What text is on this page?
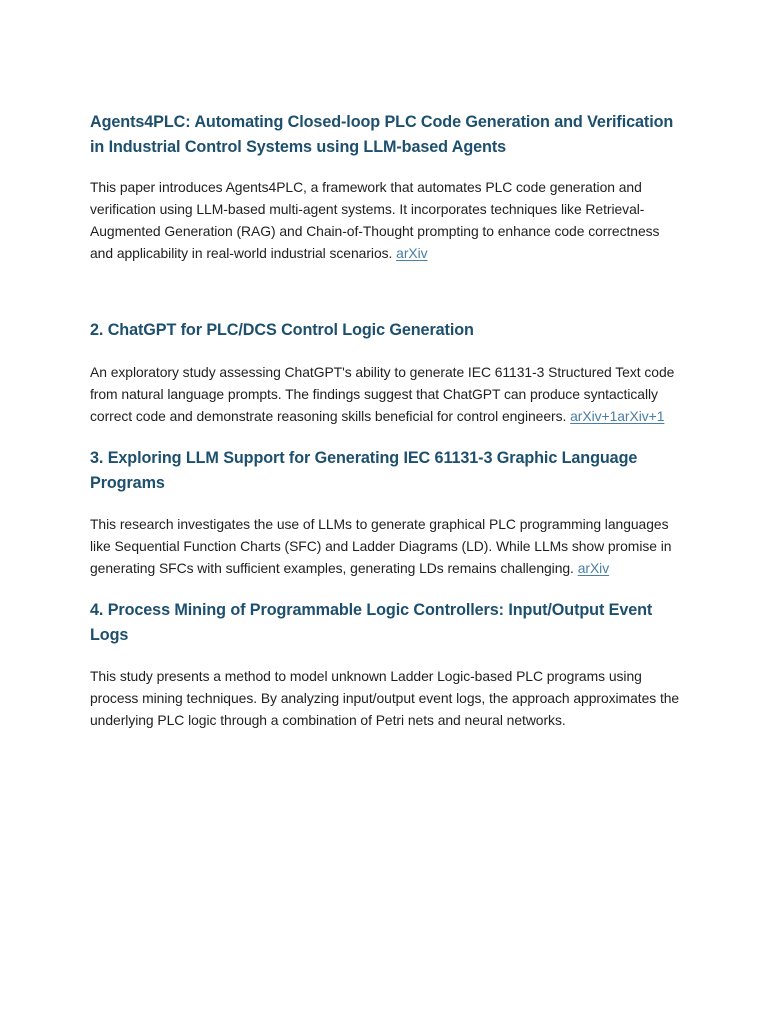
Agents4PLC: Automating Closed-loop PLC Code Generation and Verification in Industrial Control Systems using LLM-based Agents

This paper introduces Agents4PLC, a framework that automates PLC code generation and verification using LLM-based multi-agent systems. It incorporates techniques like Retrieval-Augmented Generation (RAG) and Chain-of-Thought prompting to enhance code correctness and applicability in real-world industrial scenarios. arXiv

2. ChatGPT for PLC/DCS Control Logic Generation

An exploratory study assessing ChatGPT's ability to generate IEC 61131-3 Structured Text code from natural language prompts. The findings suggest that ChatGPT can produce syntactically correct code and demonstrate reasoning skills beneficial for control engineers. arXiv+1arXiv+1

3. Exploring LLM Support for Generating IEC 61131-3 Graphic Language Programs

This research investigates the use of LLMs to generate graphical PLC programming languages like Sequential Function Charts (SFC) and Ladder Diagrams (LD). While LLMs show promise in generating SFCs with sufficient examples, generating LDs remains challenging. arXiv

4. Process Mining of Programmable Logic Controllers: Input/Output Event Logs

This study presents a method to model unknown Ladder Logic-based PLC programs using process mining techniques. By analyzing input/output event logs, the approach approximates the underlying PLC logic through a combination of Petri nets and neural networks.
